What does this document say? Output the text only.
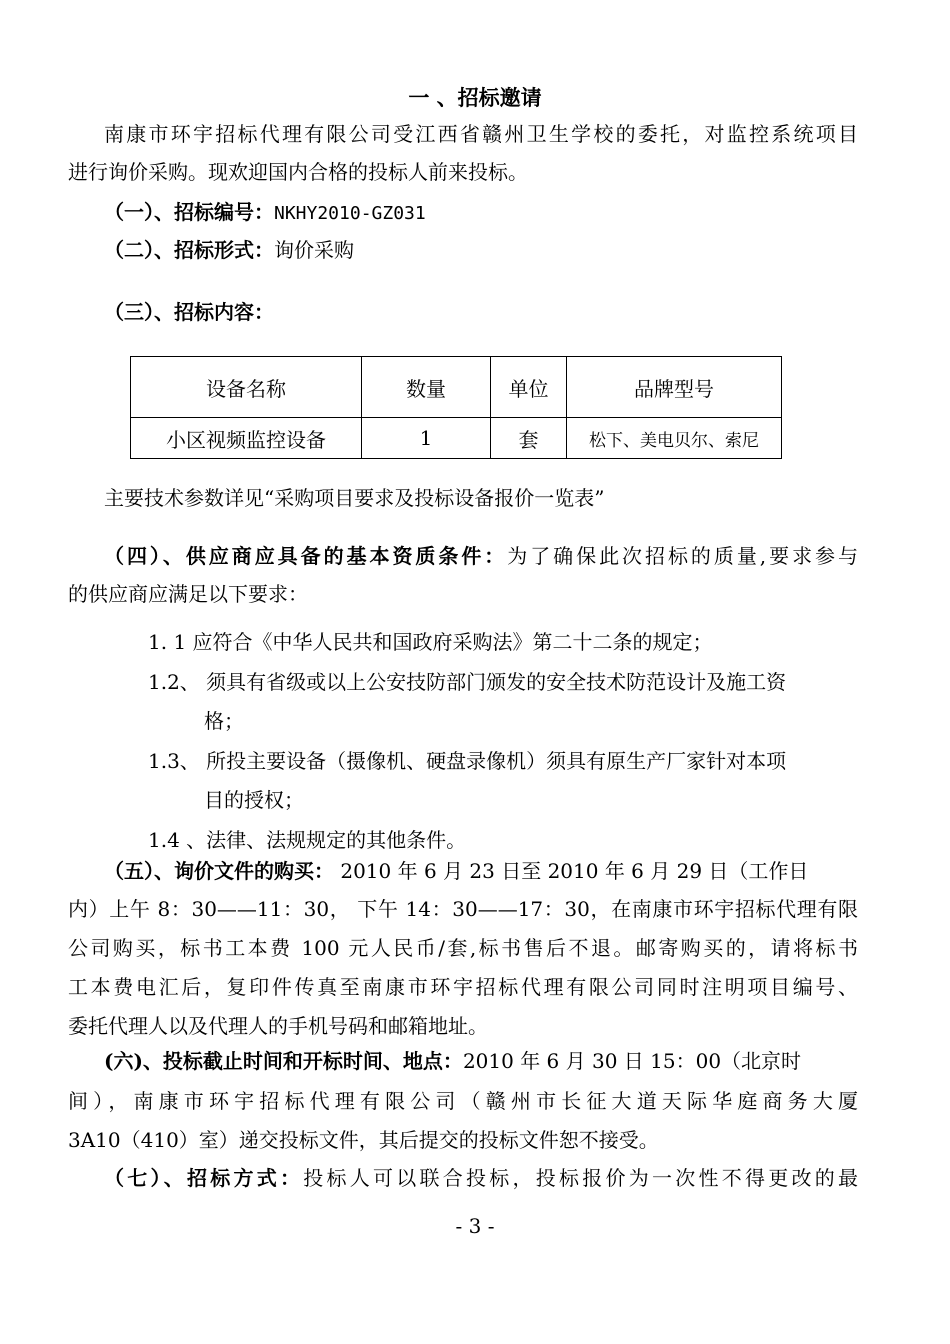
一 、招标邀请
南康市环宇招标代理有限公司受江西省赣州卫生学校的委托，对监控系统项目
进行询价采购。现欢迎国内合格的投标人前来投标。
（一）、招标编号：NKHY2010-GZ031
（二）、招标形式：询价采购
（三）、招标内容：
设备名称	数量	单位	品牌型号
小区视频监控设备	1	套	松下、美电贝尔、索尼
主要技术参数详见“采购项目要求及投标设备报价一览表”
（四）、供应商应具备的基本资质条件：为了确保此次招标的质量,要求参与
的供应商应满足以下要求：
1. 1 应符合《中华人民共和国政府采购法》第二十二条的规定；
1.2、 须具有省级或以上公安技防部门颁发的安全技术防范设计及施工资
格；
1.3、 所投主要设备（摄像机、硬盘录像机）须具有原生产厂家针对本项
目的授权；
1.4 、法律、法规规定的其他条件。
（五）、询价文件的购买： 2010 年 6 月 23 日至 2010 年 6 月 29 日（工作日
内）上午 8：30——11：30， 下午 14：30——17：30，在南康市环宇招标代理有限
公司购买，标书工本费 100 元人民币/套,标书售后不退。邮寄购买的，请将标书
工本费电汇后，复印件传真至南康市环宇招标代理有限公司同时注明项目编号、
委托代理人以及代理人的手机号码和邮箱地址。
(六)、投标截止时间和开标时间、地点：2010 年 6 月 30 日 15：00（北京时
间），南康市环宇招标代理有限公司（赣州市长征大道天际华庭商务大厦
3A10（410）室）递交投标文件，其后提交的投标文件恕不接受。
（七）、招标方式：投标人可以联合投标，投标报价为一次性不得更改的最
- 3 -
